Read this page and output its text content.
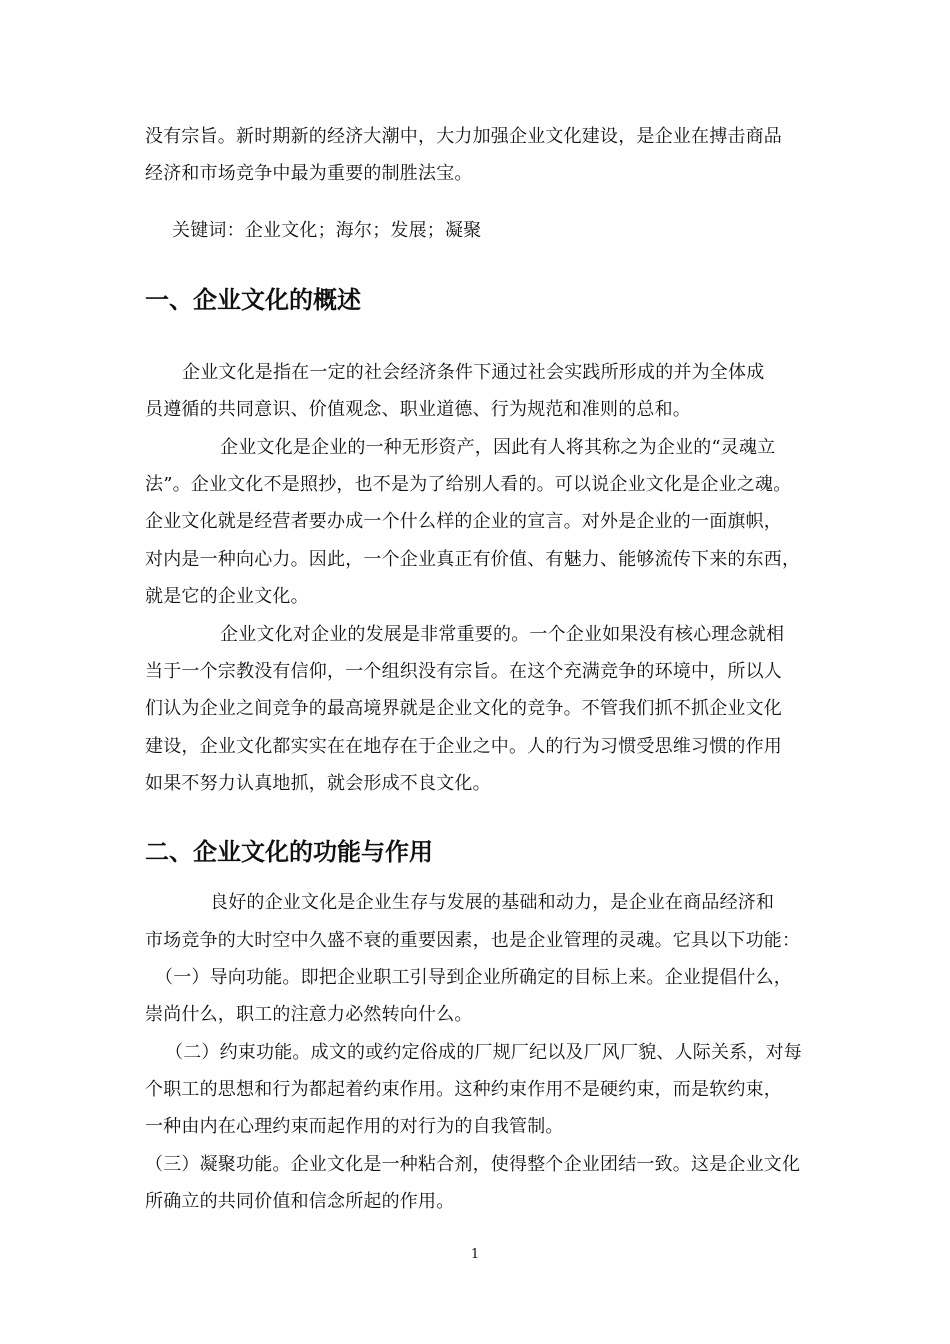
没有宗旨。新时期新的经济大潮中，大力加强企业文化建设，是企业在搏击商品
经济和市场竞争中最为重要的制胜法宝。
关键词：企业文化；海尔；发展；凝聚
一、企业文化的概述
企业文化是指在一定的社会经济条件下通过社会实践所形成的并为全体成
员遵循的共同意识、价值观念、职业道德、行为规范和准则的总和。
企业文化是企业的一种无形资产，因此有人将其称之为企业的“灵魂立
法”。企业文化不是照抄，也不是为了给别人看的。可以说企业文化是企业之魂。
企业文化就是经营者要办成一个什么样的企业的宣言。对外是企业的一面旗帜，
对内是一种向心力。因此，一个企业真正有价值、有魅力、能够流传下来的东西，
就是它的企业文化。
企业文化对企业的发展是非常重要的。一个企业如果没有核心理念就相
当于一个宗教没有信仰，一个组织没有宗旨。在这个充满竞争的环境中，所以人
们认为企业之间竞争的最高境界就是企业文化的竞争。不管我们抓不抓企业文化
建设，企业文化都实实在在地存在于企业之中。人的行为习惯受思维习惯的作用
如果不努力认真地抓，就会形成不良文化。
二、企业文化的功能与作用
良好的企业文化是企业生存与发展的基础和动力，是企业在商品经济和
市场竞争的大时空中久盛不衰的重要因素，也是企业管理的灵魂。它具以下功能：
（一）导向功能。即把企业职工引导到企业所确定的目标上来。企业提倡什么，
崇尚什么，职工的注意力必然转向什么。
（二）约束功能。成文的或约定俗成的厂规厂纪以及厂风厂貌、人际关系，对每
个职工的思想和行为都起着约束作用。这种约束作用不是硬约束，而是软约束，
一种由内在心理约束而起作用的对行为的自我管制。
（三）凝聚功能。企业文化是一种粘合剂，使得整个企业团结一致。这是企业文化
所确立的共同价值和信念所起的作用。
1
